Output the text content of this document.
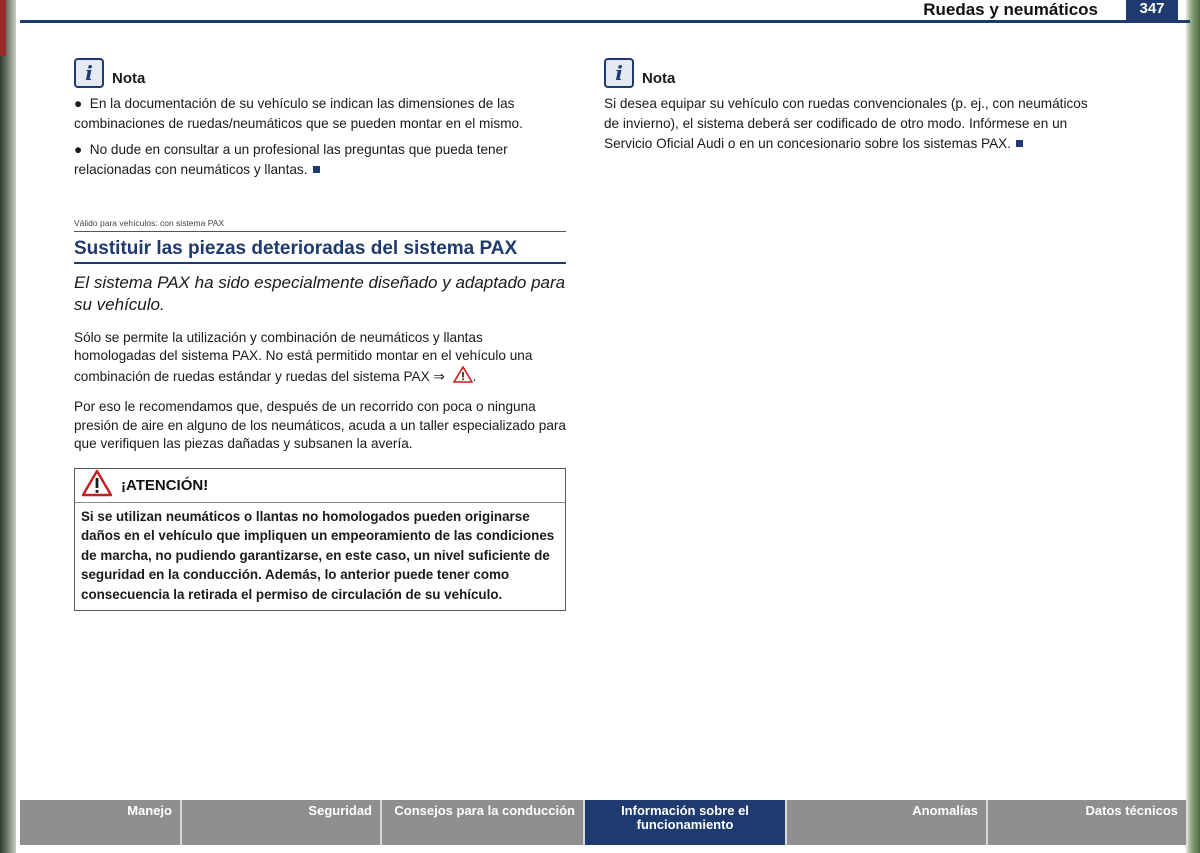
Ruedas y neumáticos	347
i	Nota

● En la documentación de su vehículo se indican las dimensiones de las combinaciones de ruedas/neumáticos que se pueden montar en el mismo.

● No dude en consultar a un profesional las preguntas que pueda tener relacionadas con neumáticos y llantas.

Válido para vehículos: con sistema PAX
Sustituir las piezas deterioradas del sistema PAX

El sistema PAX ha sido especialmente diseñado y adaptado para su vehículo.

Sólo se permite la utilización y combinación de neumáticos y llantas homologadas del sistema PAX. No está permitido montar en el vehículo una combinación de ruedas estándar y ruedas del sistema PAX ⇒ .

Por eso le recomendamos que, después de un recorrido con poca o ninguna presión de aire en alguno de los neumáticos, acuda a un taller especializado para que verifiquen las piezas dañadas y subsanen la avería.

¡ATENCIÓN!

Si se utilizan neumáticos o llantas no homologados pueden originarse daños en el vehículo que impliquen un empeoramiento de las condiciones de marcha, no pudiendo garantizarse, en este caso, un nivel suficiente de seguridad en la conducción. Además, lo anterior puede tener como consecuencia la retirada el permiso de circulación de su vehículo.

i	Nota

Si desea equipar su vehículo con ruedas convencionales (p. ej., con neumáticos de invierno), el sistema deberá ser codificado de otro modo. Infórmese en un Servicio Oficial Audi o en un concesionario sobre los sistemas PAX.

Manejo	Seguridad	Consejos para la conducción	Información sobre el funcionamiento
Anomalías	Datos técnicos
